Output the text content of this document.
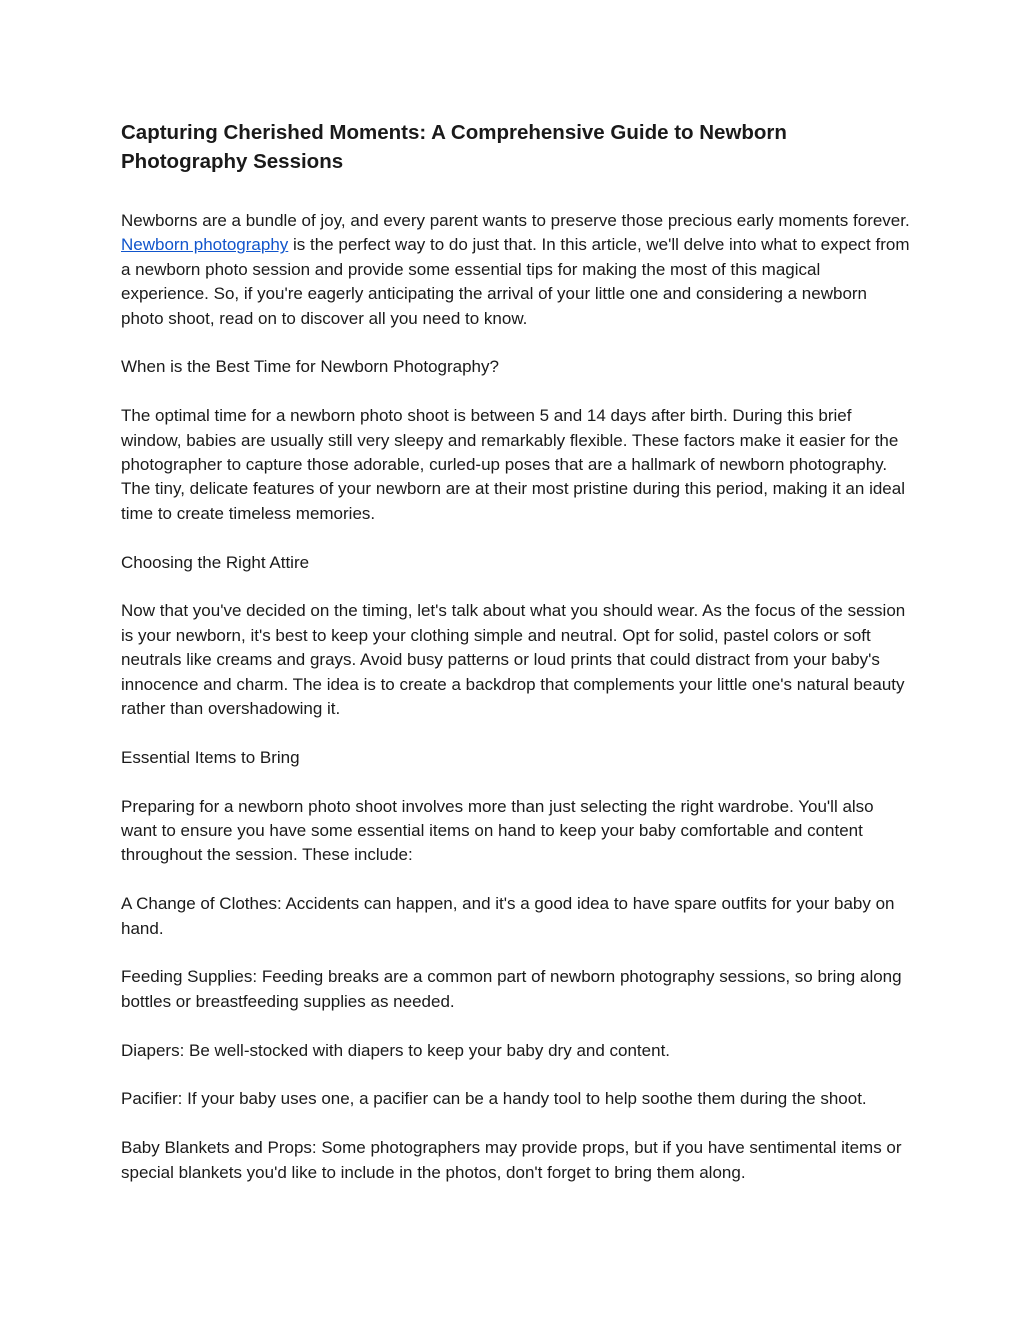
Capturing Cherished Moments: A Comprehensive Guide to Newborn Photography Sessions

Newborns are a bundle of joy, and every parent wants to preserve those precious early moments forever. Newborn photography is the perfect way to do just that. In this article, we'll delve into what to expect from a newborn photo session and provide some essential tips for making the most of this magical experience. So, if you're eagerly anticipating the arrival of your little one and considering a newborn photo shoot, read on to discover all you need to know.

When is the Best Time for Newborn Photography?

The optimal time for a newborn photo shoot is between 5 and 14 days after birth. During this brief window, babies are usually still very sleepy and remarkably flexible. These factors make it easier for the photographer to capture those adorable, curled-up poses that are a hallmark of newborn photography. The tiny, delicate features of your newborn are at their most pristine during this period, making it an ideal time to create timeless memories.

Choosing the Right Attire

Now that you've decided on the timing, let's talk about what you should wear. As the focus of the session is your newborn, it's best to keep your clothing simple and neutral. Opt for solid, pastel colors or soft neutrals like creams and grays. Avoid busy patterns or loud prints that could distract from your baby's innocence and charm. The idea is to create a backdrop that complements your little one's natural beauty rather than overshadowing it.

Essential Items to Bring

Preparing for a newborn photo shoot involves more than just selecting the right wardrobe. You'll also want to ensure you have some essential items on hand to keep your baby comfortable and content throughout the session. These include:

A Change of Clothes: Accidents can happen, and it's a good idea to have spare outfits for your baby on hand.

Feeding Supplies: Feeding breaks are a common part of newborn photography sessions, so bring along bottles or breastfeeding supplies as needed.

Diapers: Be well-stocked with diapers to keep your baby dry and content.

Pacifier: If your baby uses one, a pacifier can be a handy tool to help soothe them during the shoot.

Baby Blankets and Props: Some photographers may provide props, but if you have sentimental items or special blankets you'd like to include in the photos, don't forget to bring them along.
